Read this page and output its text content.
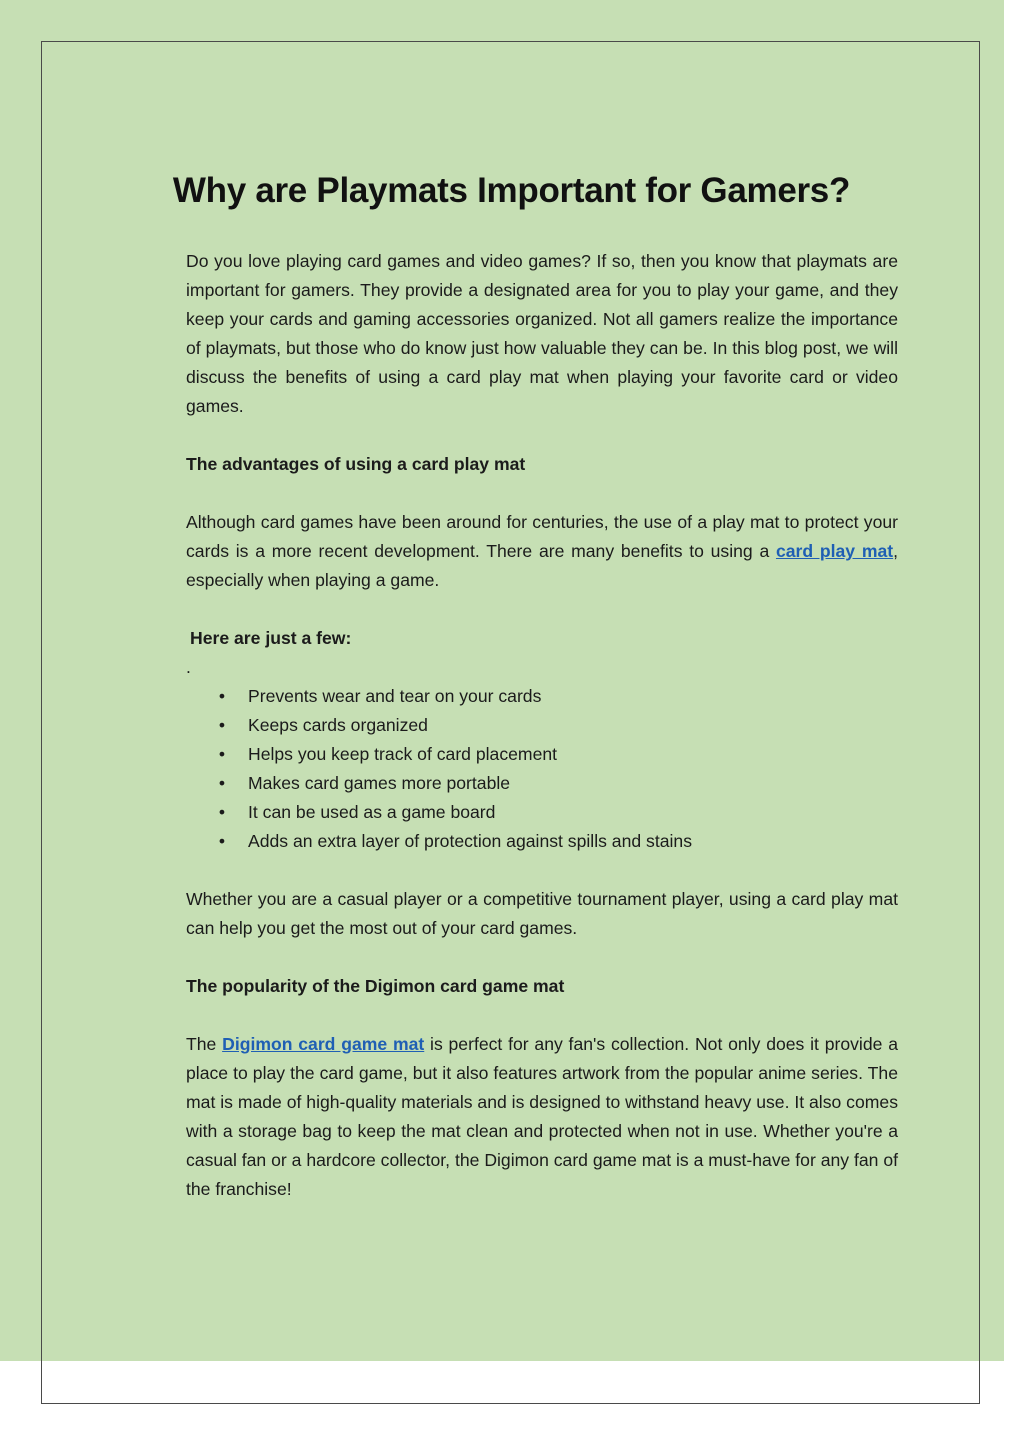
Why are Playmats Important for Gamers?

Do you love playing card games and video games? If so, then you know that playmats are important for gamers. They provide a designated area for you to play your game, and they keep your cards and gaming accessories organized. Not all gamers realize the importance of playmats, but those who do know just how valuable they can be. In this blog post, we will discuss the benefits of using a card play mat when playing your favorite card or video games.

The advantages of using a card play mat

Although card games have been around for centuries, the use of a play mat to protect your cards is a more recent development. There are many benefits to using a card play mat, especially when playing a game.

Here are just a few:

.

• Prevents wear and tear on your cards
• Keeps cards organized
• Helps you keep track of card placement
• Makes card games more portable
• It can be used as a game board
• Adds an extra layer of protection against spills and stains

Whether you are a casual player or a competitive tournament player, using a card play mat can help you get the most out of your card games.

The popularity of the Digimon card game mat

The Digimon card game mat is perfect for any fan's collection. Not only does it provide a place to play the card game, but it also features artwork from the popular anime series. The mat is made of high-quality materials and is designed to withstand heavy use. It also comes with a storage bag to keep the mat clean and protected when not in use. Whether you're a casual fan or a hardcore collector, the Digimon card game mat is a must-have for any fan of the franchise!
